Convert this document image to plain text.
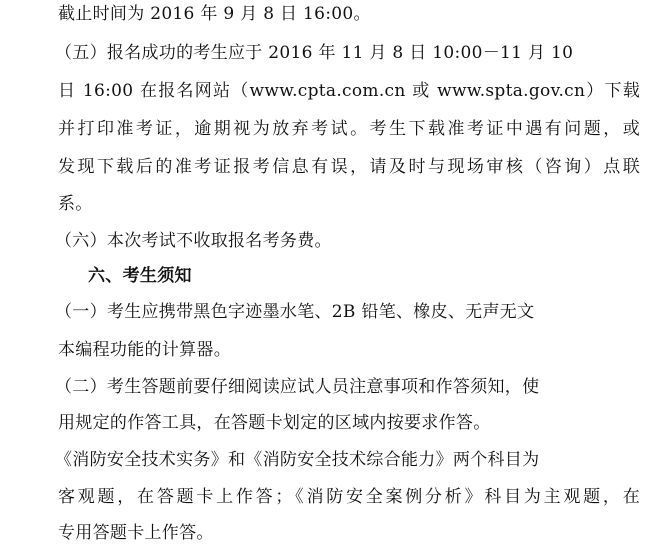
截止时间为 2016 年 9 月 8 日 16:00。
（五）报名成功的考生应于 2016 年 11 月 8 日 10:00－11 月 10
日 16:00 在报名网站（www.cpta.com.cn 或 www.spta.gov.cn）下载
并打印准考证，逾期视为放弃考试。考生下载准考证中遇有问题，或
发现下载后的准考证报考信息有误，请及时与现场审核（咨询）点联
系。
（六）本次考试不收取报名考务费。
六、考生须知
（一）考生应携带黑色字迹墨水笔、2B 铅笔、橡皮、无声无文
本编程功能的计算器。
（二）考生答题前要仔细阅读应试人员注意事项和作答须知，使
用规定的作答工具，在答题卡划定的区域内按要求作答。
《消防安全技术实务》和《消防安全技术综合能力》两个科目为
客观题，在答题卡上作答；《消防安全案例分析》科目为主观题，在
专用答题卡上作答。
